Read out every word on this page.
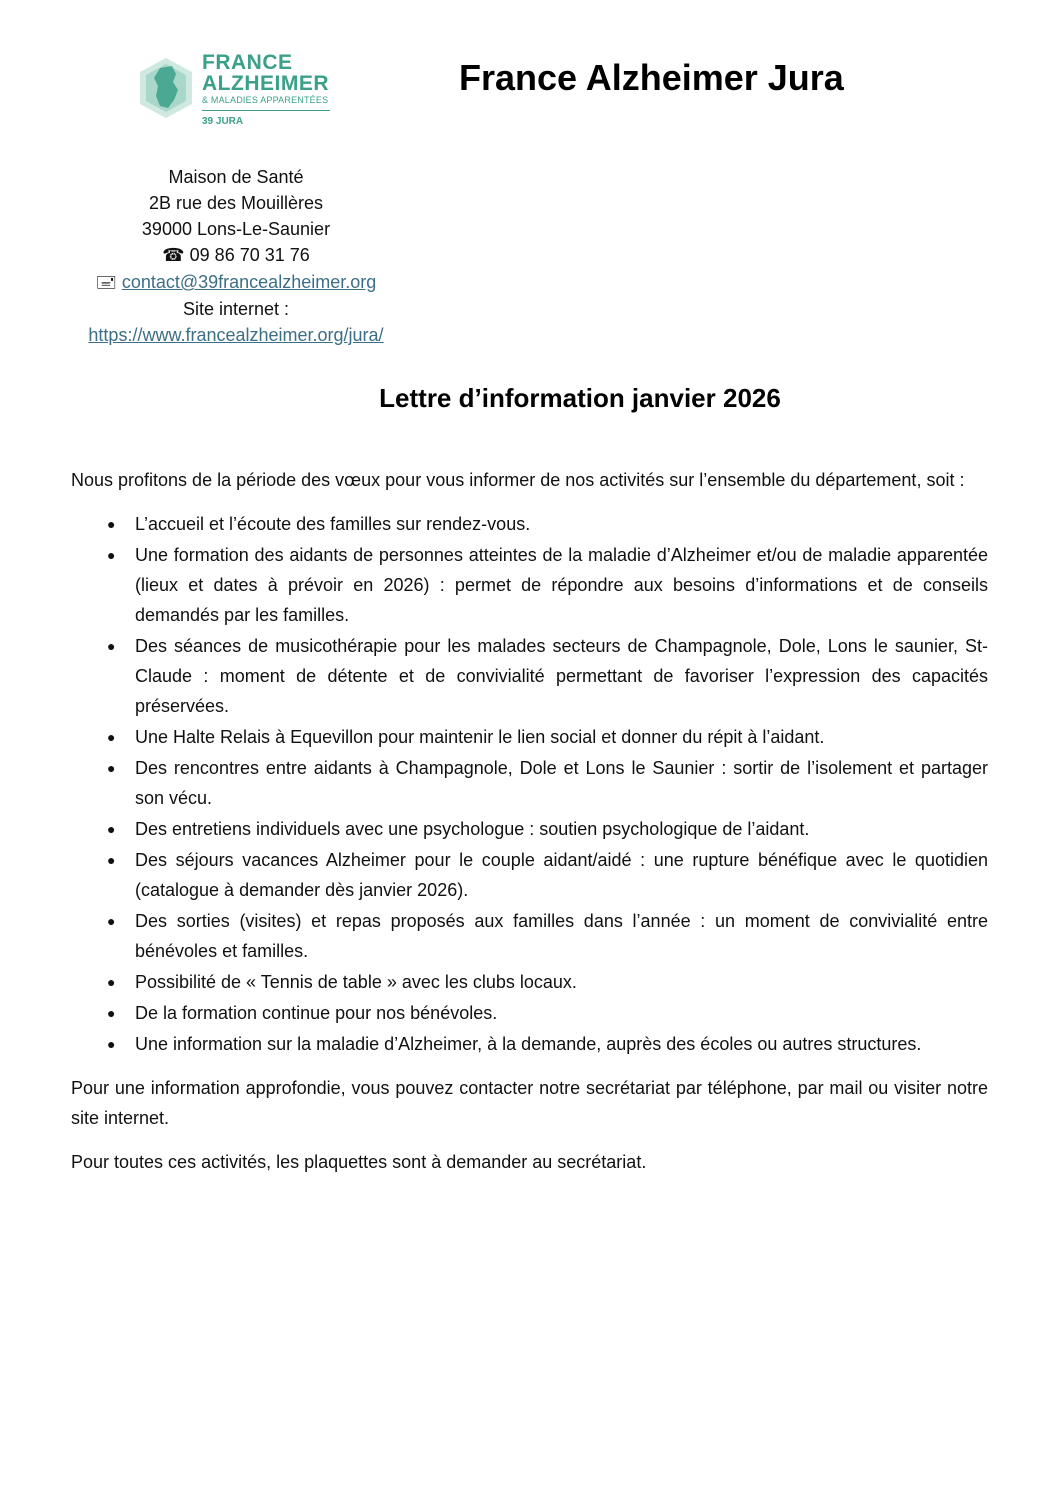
FRANCE
ALZHEIMER
& MALADIES APPARENTÉES
39 JURA
France Alzheimer Jura
Maison de Santé
2B rue des Mouillères
39000 Lons-Le-Saunier
☎ 09 86 70 31 76
🖃 contact@39francealzheimer.org
Site internet :
https://www.francealzheimer.org/jura/
Lettre d’information janvier 2026

Nous profitons de la période des vœux pour vous informer de nos activités sur l’ensemble du département, soit :

● L’accueil et l’écoute des familles sur rendez-vous.
● Une formation des aidants de personnes atteintes de la maladie d’Alzheimer et/ou de maladie apparentée (lieux et dates à prévoir en 2026) : permet de répondre aux besoins d’informations et de conseils demandés par les familles.
● Des séances de musicothérapie pour les malades secteurs de Champagnole, Dole, Lons le saunier, St-Claude : moment de détente et de convivialité permettant de favoriser l’expression des capacités préservées.
● Une Halte Relais à Equevillon pour maintenir le lien social et donner du répit à l’aidant.
● Des rencontres entre aidants à Champagnole, Dole et Lons le Saunier : sortir de l’isolement et partager son vécu.
● Des entretiens individuels avec une psychologue : soutien psychologique de l’aidant.
● Des séjours vacances Alzheimer pour le couple aidant/aidé : une rupture bénéfique avec le quotidien (catalogue à demander dès janvier 2026).
● Des sorties (visites) et repas proposés aux familles dans l’année : un moment de convivialité entre bénévoles et familles.
● Possibilité de « Tennis de table » avec les clubs locaux.
● De la formation continue pour nos bénévoles.
● Une information sur la maladie d’Alzheimer, à la demande, auprès des écoles ou autres structures.

Pour une information approfondie, vous pouvez contacter notre secrétariat par téléphone, par mail ou visiter notre site internet.

Pour toutes ces activités, les plaquettes sont à demander au secrétariat.
